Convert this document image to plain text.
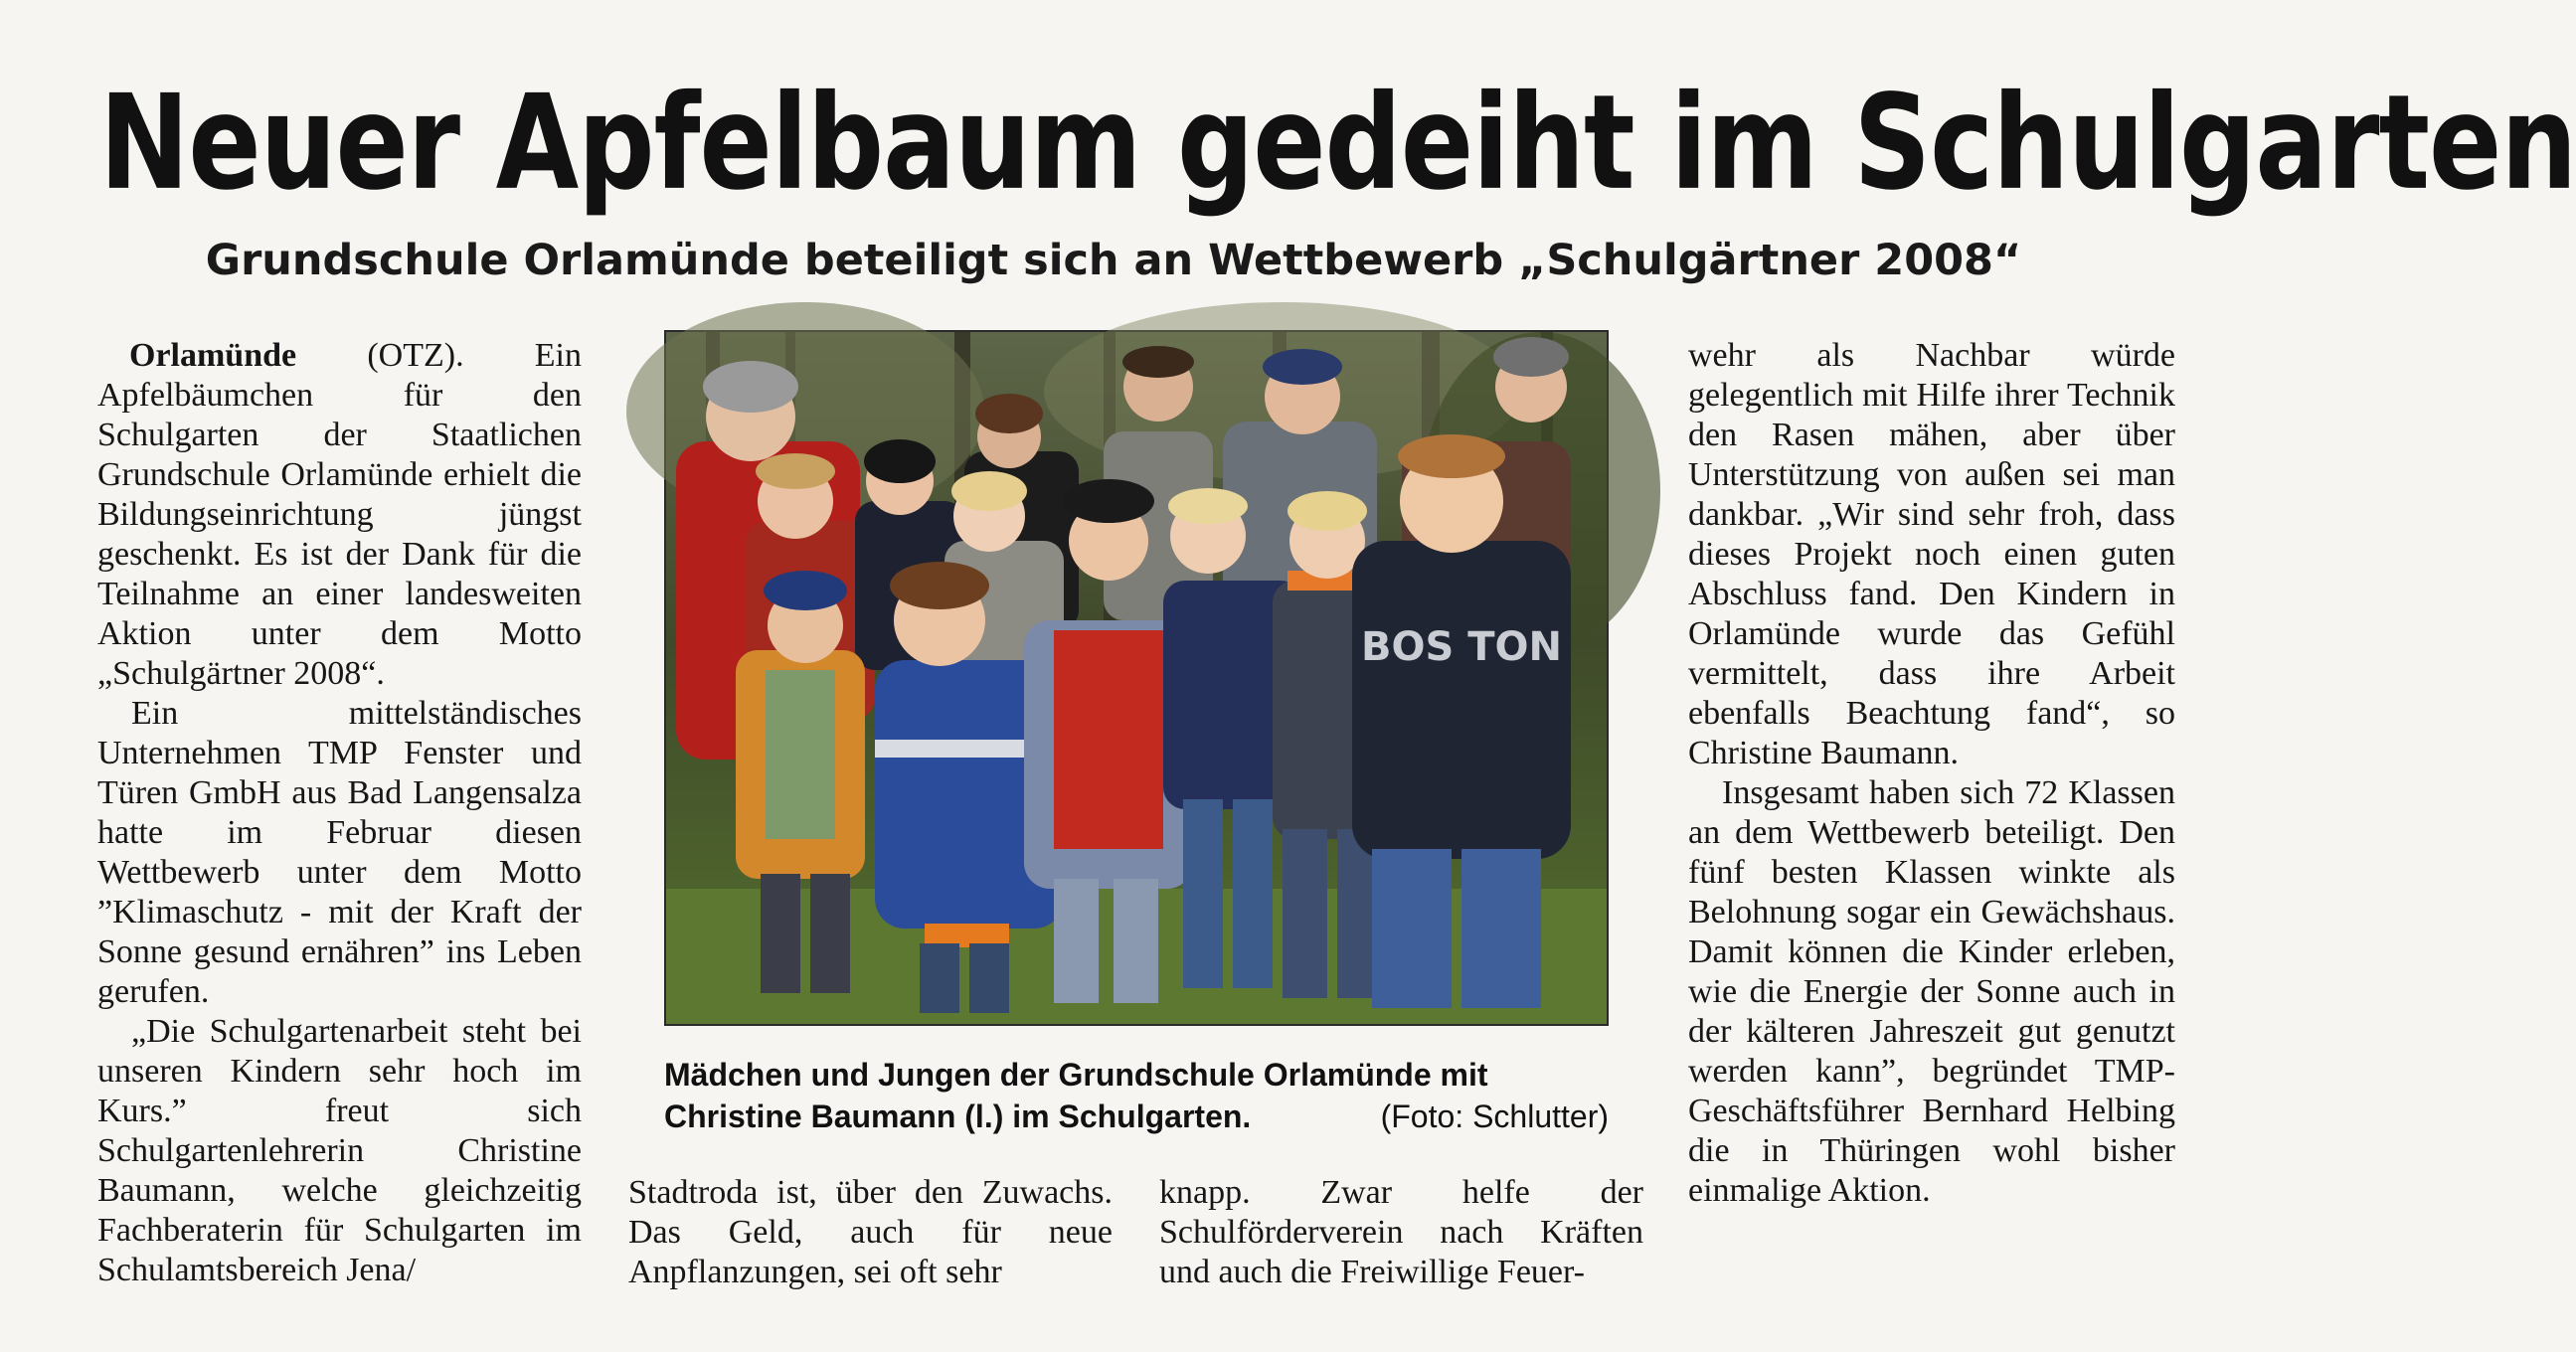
Neuer Apfelbaum gedeiht im Schulgarten
Grundschule Orlamünde beteiligt sich an Wettbewerb „Schulgärtner 2008“

Orlamünde (OTZ). Ein Apfelbäumchen für den Schulgarten der Staatlichen Grundschule Orlamünde erhielt die Bildungseinrichtung jüngst geschenkt. Es ist der Dank für die Teilnahme an einer landesweiten Aktion unter dem Motto „Schulgärtner 2008“.

Ein mittelständisches Unternehmen TMP Fenster und Türen GmbH aus Bad Langensalza hatte im Februar diesen Wettbewerb unter dem Motto ”Klimaschutz - mit der Kraft der Sonne gesund ernähren” ins Leben gerufen.

„Die Schulgartenarbeit steht bei unseren Kindern sehr hoch im Kurs.” freut sich Schulgartenlehrerin Christine Baumann, welche gleichzeitig Fachberaterin für Schulgarten im Schulamtsbereich Jena/

BOS TON
Mädchen und Jungen der Grundschule Orlamünde mit
Christine Baumann (l.) im Schulgarten.	(Foto: Schlutter)

Stadtroda ist, über den Zuwachs. Das Geld, auch für neue Anpflanzungen, sei oft sehr

knapp. Zwar helfe der Schulförderverein nach Kräften und auch die Freiwillige Feuer-

wehr als Nachbar würde gelegentlich mit Hilfe ihrer Technik den Rasen mähen, aber über Unterstützung von außen sei man dankbar. „Wir sind sehr froh, dass dieses Projekt noch einen guten Abschluss fand. Den Kindern in Orlamünde wurde das Gefühl vermittelt, dass ihre Arbeit ebenfalls Beachtung fand“, so Christine Baumann.

Insgesamt haben sich 72 Klassen an dem Wettbewerb beteiligt. Den fünf besten Klassen winkte als Belohnung sogar ein Gewächshaus. Damit können die Kinder erleben, wie die Energie der Sonne auch in der kälteren Jahreszeit gut genutzt werden kann”, begründet TMP-Geschäftsführer Bernhard Helbing die in Thüringen wohl bisher einmalige Aktion.
